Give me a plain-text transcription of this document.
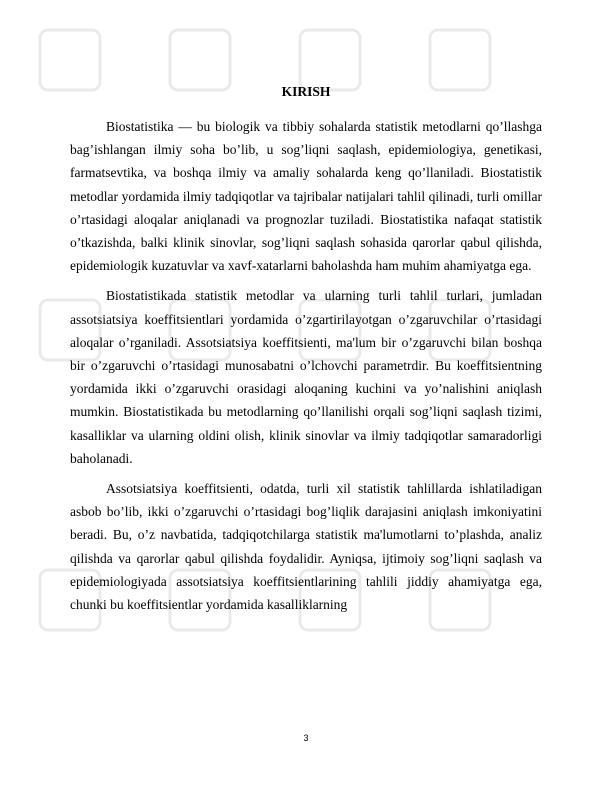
KIRISH

Biostatistika — bu biologik va tibbiy sohalarda statistik metodlarni qo’llashga bag’ishlangan ilmiy soha bo’lib, u sog’liqni saqlash, epidemiologiya, genetikasi, farmatsevtika, va boshqa ilmiy va amaliy sohalarda keng qo’llaniladi. Biostatistik metodlar yordamida ilmiy tadqiqotlar va tajribalar natijalari tahlil qilinadi, turli omillar o’rtasidagi aloqalar aniqlanadi va prognozlar tuziladi. Biostatistika nafaqat statistik o’tkazishda, balki klinik sinovlar, sog’liqni saqlash sohasida qarorlar qabul qilishda, epidemiologik kuzatuvlar va xavf-xatarlarni baholashda ham muhim ahamiyatga ega.

Biostatistikada statistik metodlar va ularning turli tahlil turlari, jumladan assotsiatsiya koeffitsientlari yordamida o’zgartirilayotgan o’zgaruvchilar o’rtasidagi aloqalar o’rganiladi. Assotsiatsiya koeffitsienti, ma'lum bir o’zgaruvchi bilan boshqa bir o’zgaruvchi o’rtasidagi munosabatni o’lchovchi parametrdir. Bu koeffitsientning yordamida ikki o’zgaruvchi orasidagi aloqaning kuchini va yo’nalishini aniqlash mumkin. Biostatistikada bu metodlarning qo’llanilishi orqali sog’liqni saqlash tizimi, kasalliklar va ularning oldini olish, klinik sinovlar va ilmiy tadqiqotlar samaradorligi baholanadi.

Assotsiatsiya koeffitsienti, odatda, turli xil statistik tahlillarda ishlatiladigan asbob bo’lib, ikki o’zgaruvchi o’rtasidagi bog’liqlik darajasini aniqlash imkoniyatini beradi. Bu, o’z navbatida, tadqiqotchilarga statistik ma'lumotlarni to’plashda, analiz qilishda va qarorlar qabul qilishda foydalidir. Ayniqsa, ijtimoiy sog’liqni saqlash va epidemiologiyada assotsiatsiya koeffitsientlarining tahlili jiddiy ahamiyatga ega, chunki bu koeffitsientlar yordamida kasalliklarning

3
